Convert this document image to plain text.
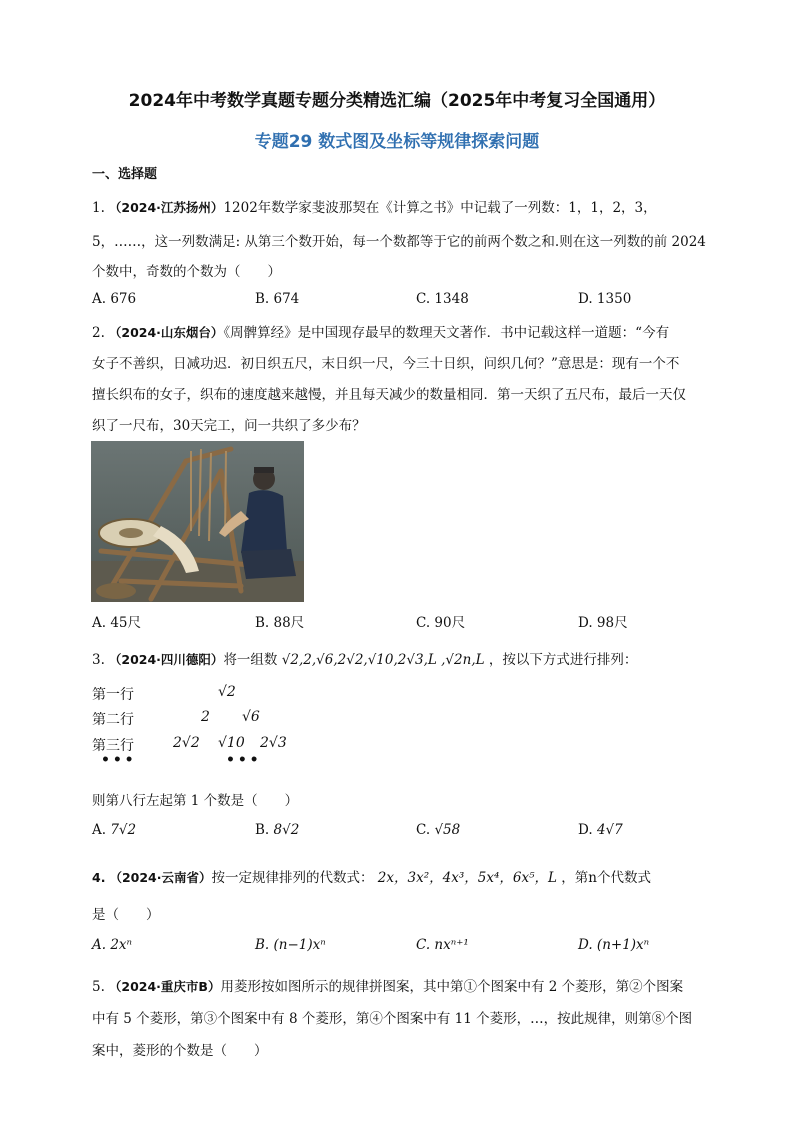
2024年中考数学真题专题分类精选汇编（2025年中考复习全国通用）
专题29 数式图及坐标等规律探索问题
一、选择题
1. （2024·江苏扬州）1202年数学家斐波那契在《计算之书》中记载了一列数：1，1，2，3，
5，……，这一列数满足: 从第三个数开始，每一个数都等于它的前两个数之和.则在这一列数的前 2024
个数中，奇数的个数为（　　）
A. 676	B. 674	C. 1348	D. 1350
2. （2024·山东烟台）《周髀算经》是中国现存最早的数理天文著作．书中记载这样一道题：“今有
女子不善织，日减功迟．初日织五尺，末日织一尺，今三十日织，问织几何？”意思是：现有一个不
擅长织布的女子，织布的速度越来越慢，并且每天减少的数量相同．第一天织了五尺布，最后一天仅
织了一尺布，30天完工，问一共织了多少布？
A. 45尺	B. 88尺	C. 90尺	D. 98尺
3. （2024·四川德阳）将一组数 √2,2,√6,2√2,√10,2√3,L ,√2n,L ，按以下方式进行排列：
第一行	√2
第二行	2 √6
第三行	2√2 √10 2√3
• • •	• • •
则第八行左起第 1 个数是（　　）
A. 7√2	B. 8√2	C. √58	D. 4√7
4. （2024·云南省）按一定规律排列的代数式： 2x，3x²，4x³，5x⁴，6x⁵，L ，第n个代数式
是（　　）
A. 2xⁿ	B. (n−1)xⁿ	C. nxⁿ⁺¹	D. (n+1)xⁿ
5. （2024·重庆市B）用菱形按如图所示的规律拼图案，其中第①个图案中有 2 个菱形，第②个图案
中有 5 个菱形，第③个图案中有 8 个菱形，第④个图案中有 11 个菱形，…，按此规律，则第⑧个图
案中，菱形的个数是（　　）
